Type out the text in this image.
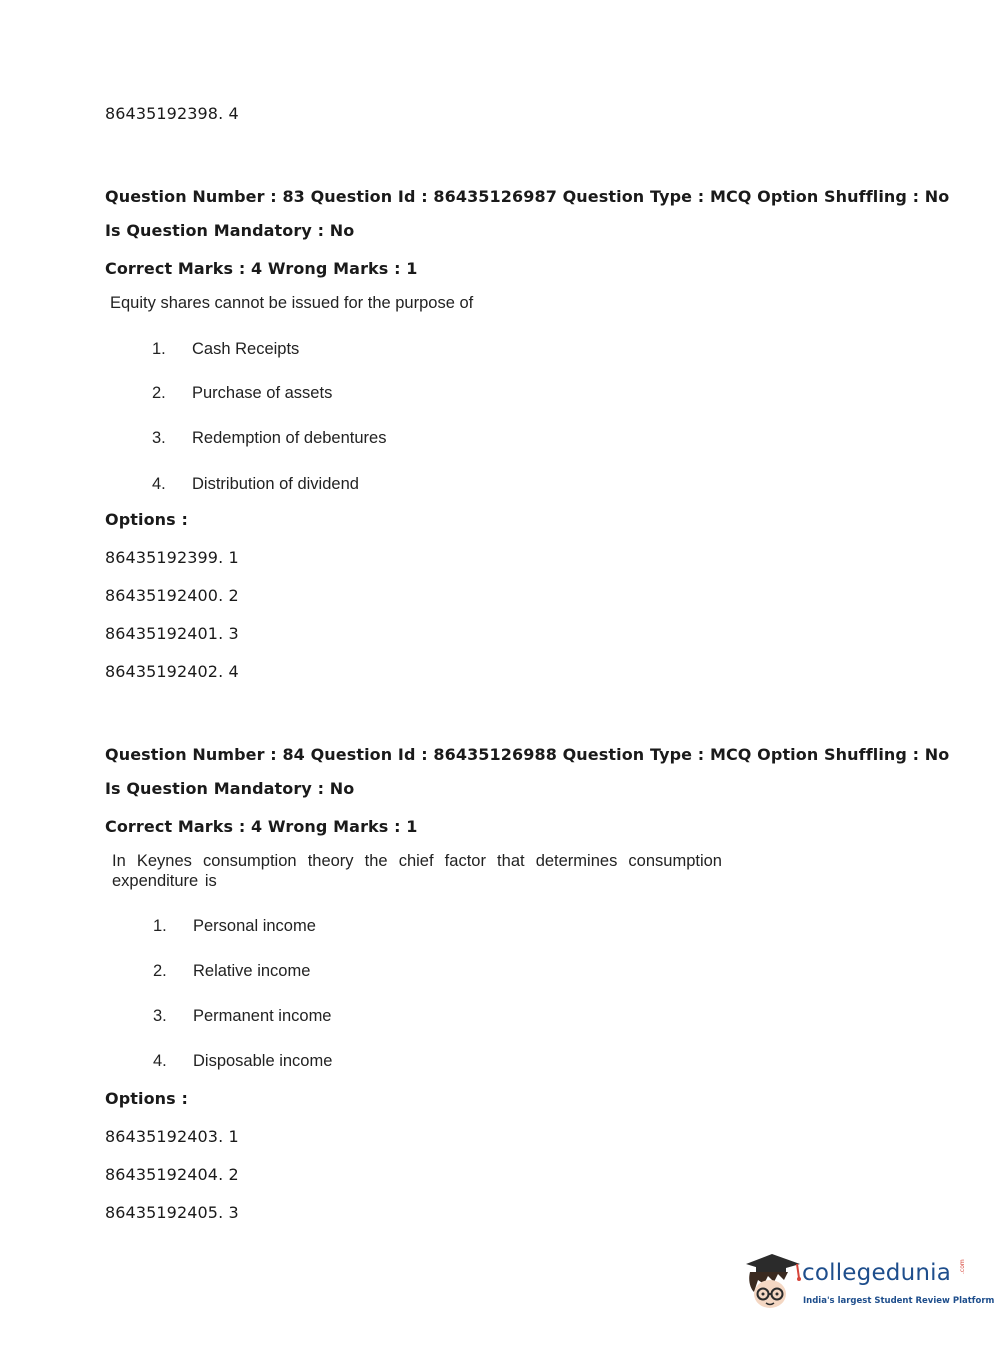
86435192398. 4
Question Number : 83 Question Id : 86435126987 Question Type : MCQ Option Shuffling : No
Is Question Mandatory : No
Correct Marks : 4 Wrong Marks : 1
Equity shares cannot be issued for the purpose of
1. Cash Receipts
2. Purchase of assets
3. Redemption of debentures
4. Distribution of dividend
Options :
86435192399. 1
86435192400. 2
86435192401. 3
86435192402. 4
Question Number : 84 Question Id : 86435126988 Question Type : MCQ Option Shuffling : No
Is Question Mandatory : No
Correct Marks : 4 Wrong Marks : 1
In Keynes consumption theory the chief factor that determines consumption expenditure is
1. Personal income
2. Relative income
3. Permanent income
4. Disposable income
Options :
86435192403. 1
86435192404. 2
86435192405. 3
collegedunia .com
India's largest Student Review Platform
